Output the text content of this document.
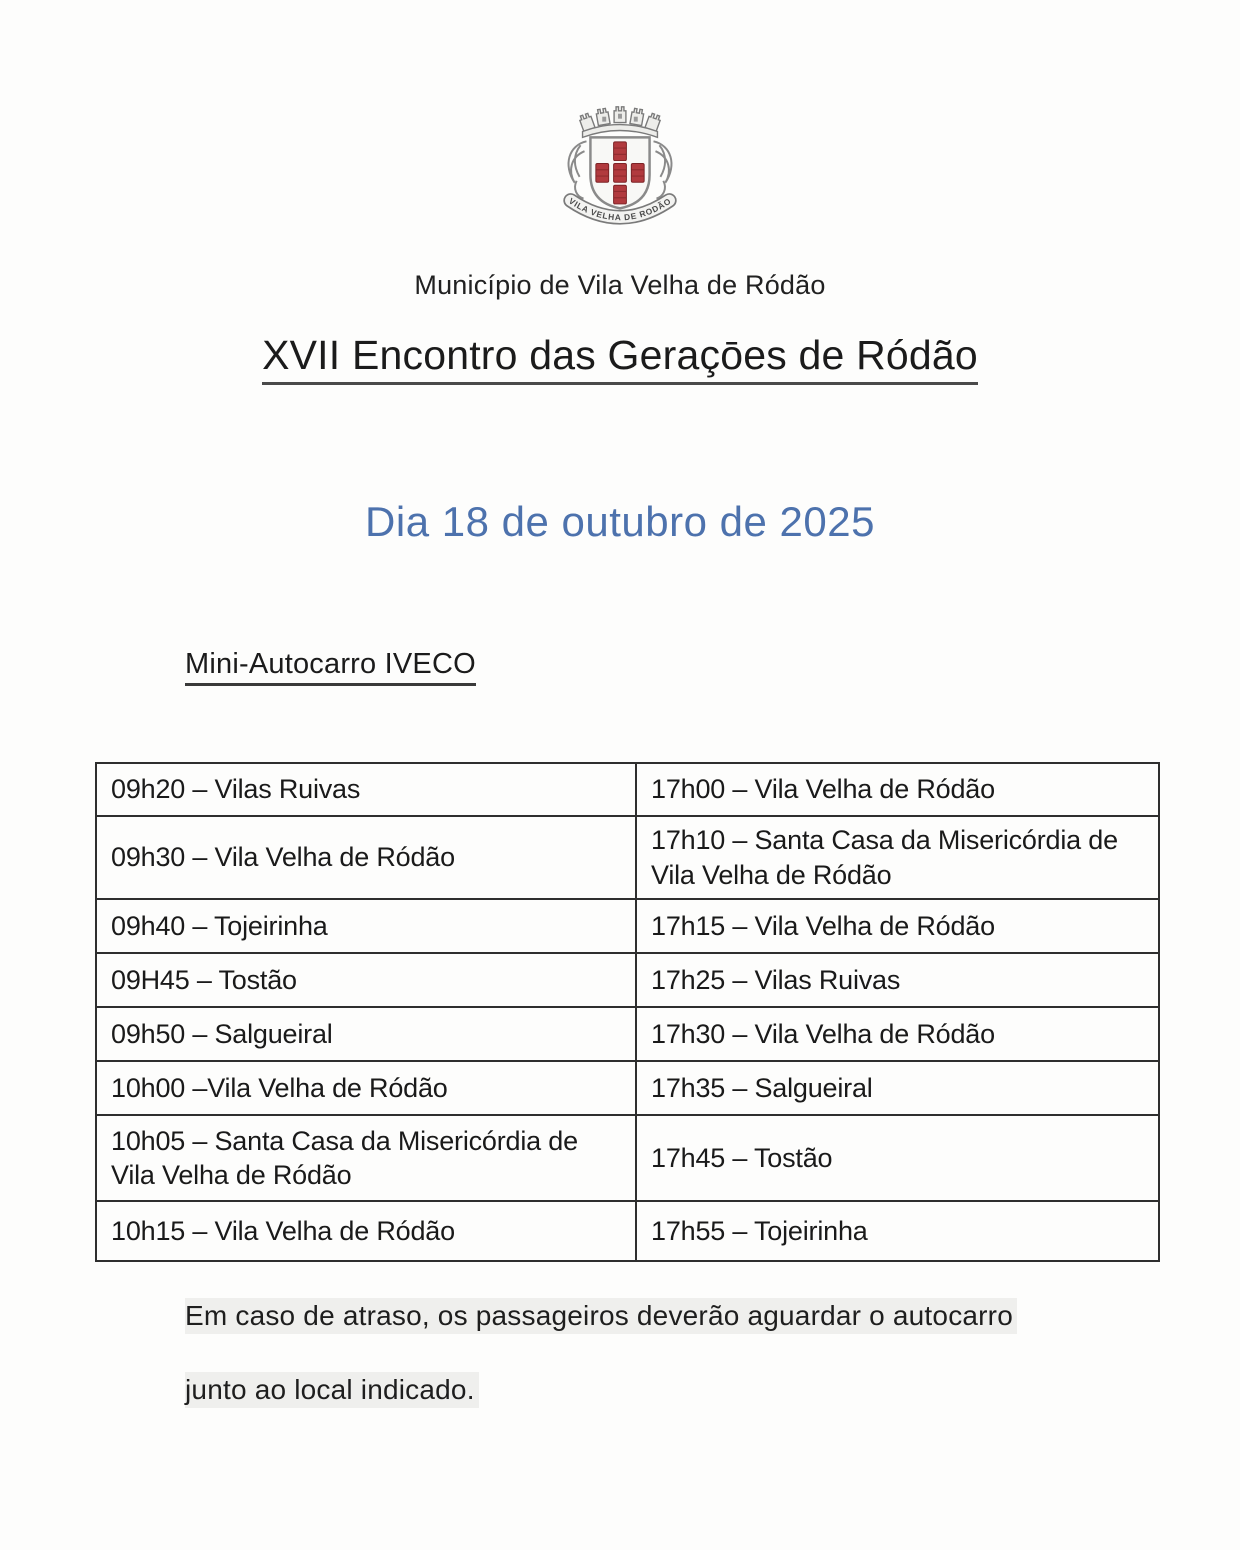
VILA VELHA DE RODÃO
Município de Vila Velha de Ródão
XVII Encontro das Geraçōes de Ródão
Dia 18 de outubro de 2025
Mini-Autocarro IVECO
09h20 – Vilas Ruivas	17h00 – Vila Velha de Ródão
09h30 – Vila Velha de Ródão	17h10 – Santa Casa da Misericórdia de Vila Velha de Ródão
09h40 – Tojeirinha	17h15 – Vila Velha de Ródão
09H45 – Tostão	17h25 – Vilas Ruivas
09h50 – Salgueiral	17h30 – Vila Velha de Ródão
10h00 –Vila Velha de Ródão	17h35 – Salgueiral
10h05 – Santa Casa da Misericórdia de Vila Velha de Ródão	17h45 – Tostão
10h15 – Vila Velha de Ródão	17h55 – Tojeirinha
Em caso de atraso, os passageiros deverão aguardar o autocarro
junto ao local indicado.
